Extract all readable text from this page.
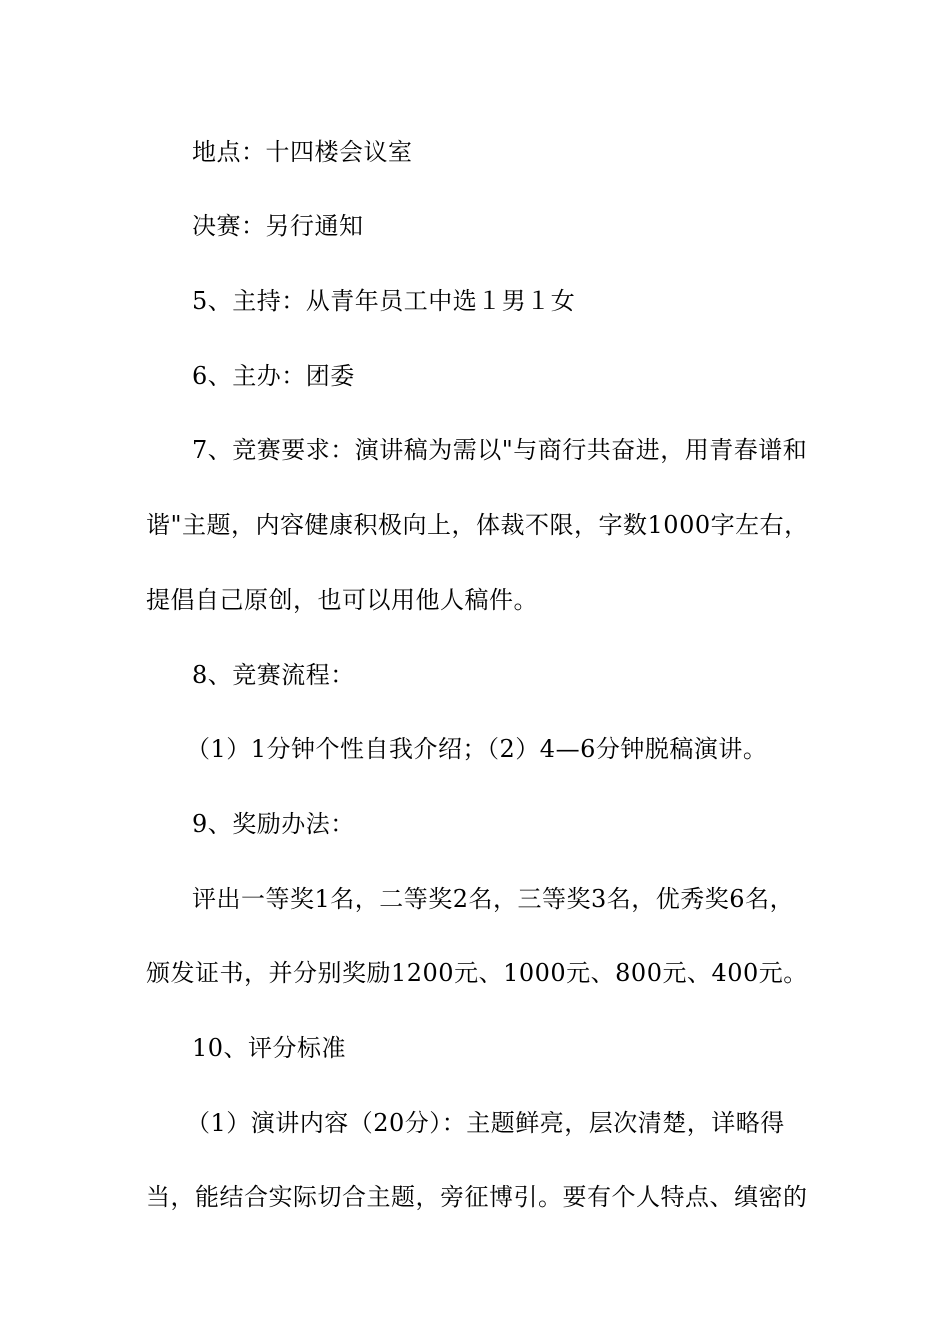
地点：十四楼会议室
决赛：另行通知
5、主持：从青年员工中选１男１女
6、主办：团委
7、竞赛要求：演讲稿为需以"与商行共奋进，用青春谱和
谐"主题，内容健康积极向上，体裁不限，字数1000字左右，
提倡自己原创，也可以用他人稿件。
8、竞赛流程：
（1）1分钟个性自我介绍；（2）4—6分钟脱稿演讲。
9、奖励办法：
评出一等奖1名，二等奖2名，三等奖3名，优秀奖6名，
颁发证书，并分别奖励1200元、1000元、800元、400元。
10、评分标准
（1）演讲内容（20分）：主题鲜亮，层次清楚，详略得
当，能结合实际切合主题，旁征博引。要有个人特点、缜密的
